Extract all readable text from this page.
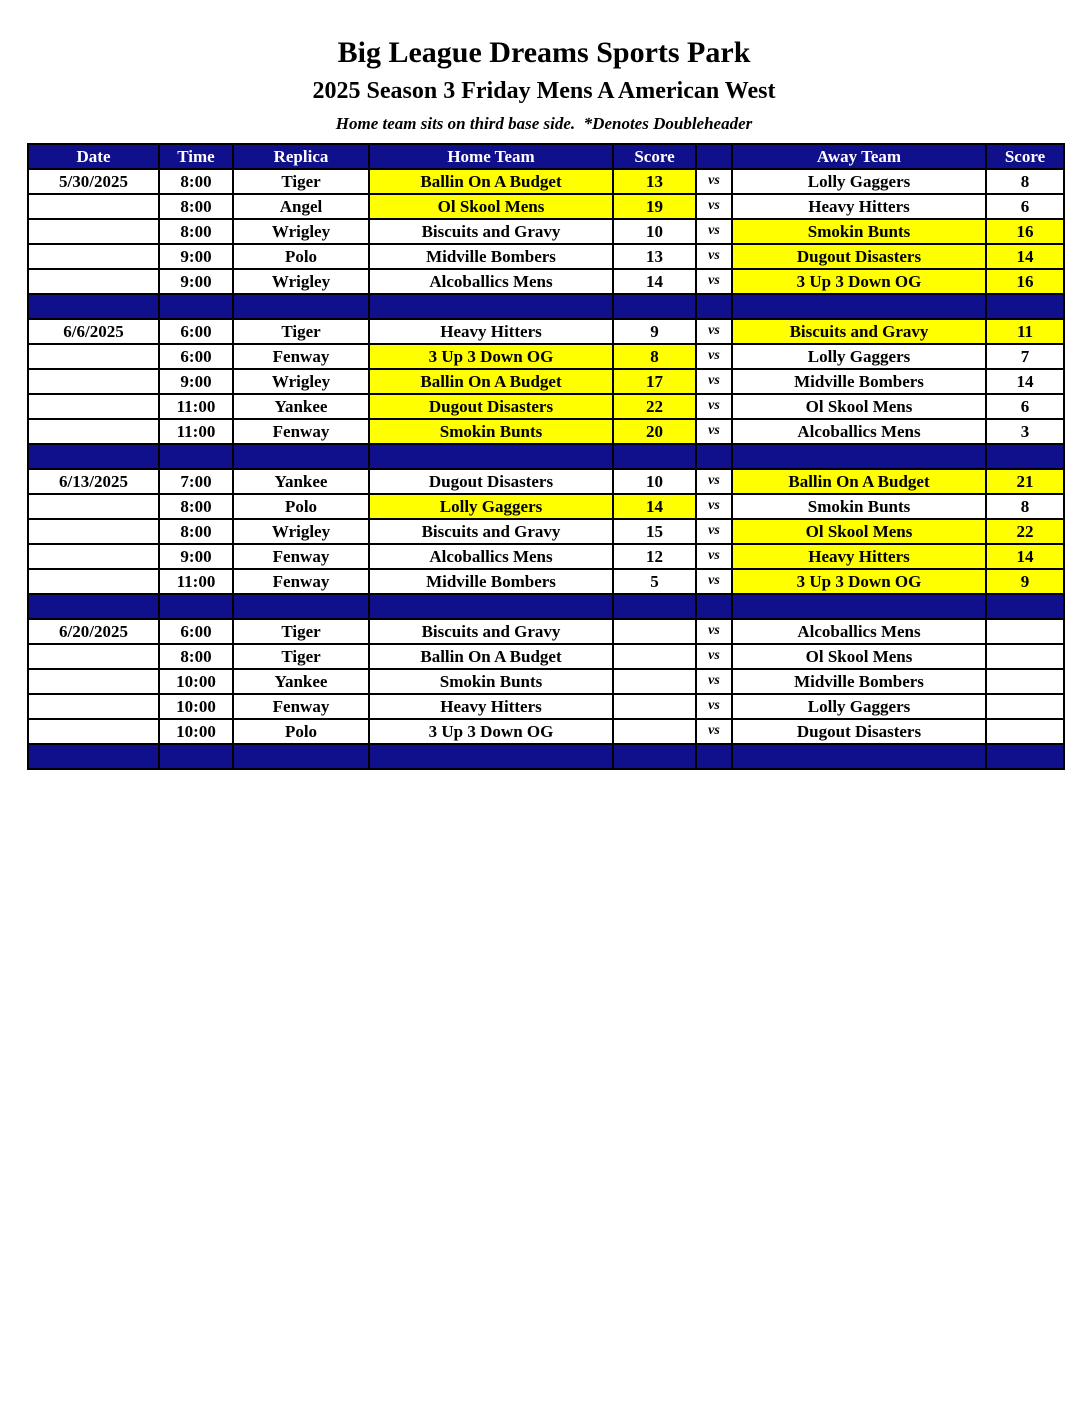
Big League Dreams Sports Park
2025 Season 3 Friday Mens A American West

Home team sits on third base side.  *Denotes Doubleheader

Date	Time	Replica	Home Team	Score		Away Team	Score
5/30/2025	8:00	Tiger	Ballin On A Budget	13	vs	Lolly Gaggers	8
	8:00	Angel	Ol Skool Mens	19	vs	Heavy Hitters	6
	8:00	Wrigley	Biscuits and Gravy	10	vs	Smokin Bunts	16
	9:00	Polo	Midville Bombers	13	vs	Dugout Disasters	14
	9:00	Wrigley	Alcoballics Mens	14	vs	3 Up 3 Down OG	16

6/6/2025	6:00	Tiger	Heavy Hitters	9	vs	Biscuits and Gravy	11
	6:00	Fenway	3 Up 3 Down OG	8	vs	Lolly Gaggers	7
	9:00	Wrigley	Ballin On A Budget	17	vs	Midville Bombers	14
	11:00	Yankee	Dugout Disasters	22	vs	Ol Skool Mens	6
	11:00	Fenway	Smokin Bunts	20	vs	Alcoballics Mens	3

6/13/2025	7:00	Yankee	Dugout Disasters	10	vs	Ballin On A Budget	21
	8:00	Polo	Lolly Gaggers	14	vs	Smokin Bunts	8
	8:00	Wrigley	Biscuits and Gravy	15	vs	Ol Skool Mens	22
	9:00	Fenway	Alcoballics Mens	12	vs	Heavy Hitters	14
	11:00	Fenway	Midville Bombers	5	vs	3 Up 3 Down OG	9

6/20/2025	6:00	Tiger	Biscuits and Gravy		vs	Alcoballics Mens	
	8:00	Tiger	Ballin On A Budget		vs	Ol Skool Mens	
	10:00	Yankee	Smokin Bunts		vs	Midville Bombers	
	10:00	Fenway	Heavy Hitters		vs	Lolly Gaggers	
	10:00	Polo	3 Up 3 Down OG		vs	Dugout Disasters	
